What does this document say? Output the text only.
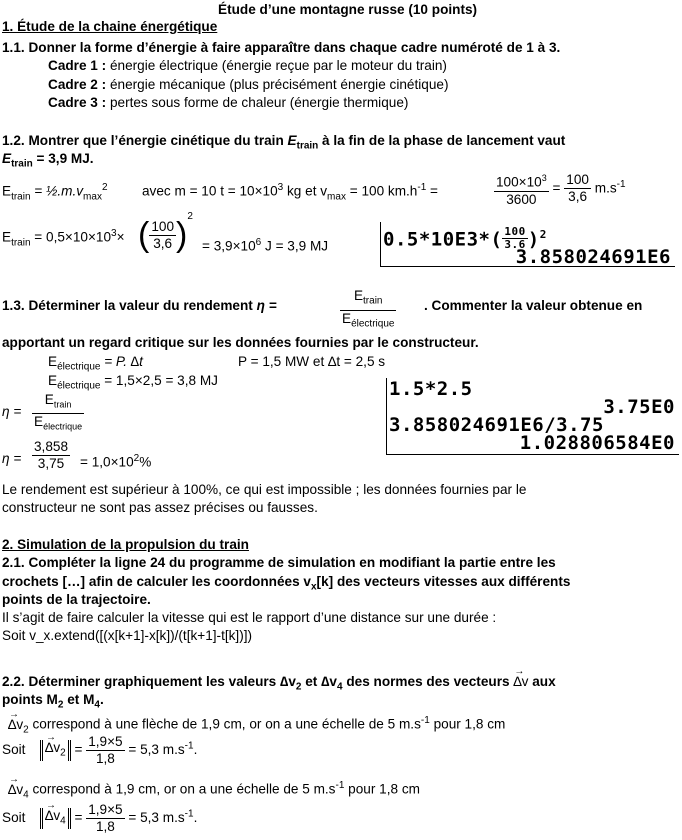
Étude d’une montagne russe (10 points)
1. Étude de la chaine énergétique
1.1. Donner la forme d’énergie à faire apparaître dans chaque cadre numéroté de 1 à 3.
Cadre 1 : énergie électrique (énergie reçue par le moteur du train)
Cadre 2 : énergie mécanique (plus précisément énergie cinétique)
Cadre 3 : pertes sous forme de chaleur (énergie thermique)
1.2. Montrer que l’énergie cinétique du train $E_{train}$ à la fin de la phase de lancement vaut
$E_{train} = 3,9$ MJ.
$E_{train}$ = $\frac{1}{2}.m.v_{max}^2$	avec m = 10 $t = 10\times 10^3$ kg et $v_{max} = 100$ $km.h^{-1}$ =	$\frac{100\times 10^3}{3600} = \frac{100}{3,6} m.s^{-1}$
$E_{train} = 0,5\times 10\times 10^3\times$ ( $\frac{100}{3,6} )^2$
= $3,9\times 10^6$ J = 3,9 MJ	$0.5*10E3*( \frac{100}{3.6} )^2$
3.858024691E6
1.3. Déterminer la valeur du rendement η =	$\frac{E_{train}}{E_{électrique}}$ . Commenter la valeur obtenue en
apportant un regard critique sur les données fournies par le constructeur.
$E_{électrique} = P$. ∆t	P = 1,5 MW et ∆t = 2,5 s
$E_{électrique} = 1,5\times 2,5 = 3,8$ MJ
$\eta = \frac{E_{train}}{E_{électrique}}$
$\eta = \frac{3,858}{3,75} = 1,0\times 10^2\%$
1.5*2.5
3.75E0
3.858024691E6/3.75
1.028806584E0
Le rendement est supérieur à 100%, ce qui est impossible ; les données fournies par le
constructeur ne sont pas assez précises ou fausses.
2. Simulation de la propulsion du train
2.1. Compléter la ligne 24 du programme de simulation en modifiant la partie entre les
crochets […] afin de calculer les coordonnées $v_x[k]$ des vecteurs vitesses aux différents
points de la trajectoire.
Il s’agit de faire calculer la vitesse qui est le rapport d’une distance sur une durée :
Soit v_x.extend([(x[k+1]-x[k])/(t[k+1]-t[k])])
2.2. Déterminer graphiquement les valeurs $\Delta v_2$ et $\Delta v_4$ des normes des vecteurs → ∆v aux
points $M_2$ et $M_4$.
→ $\Delta v_2$ correspond à une flèche de 1,9 cm, or on a une échelle de 5 $m.s^{-1}$ pour 1,8 cm
Soit	→ $\Delta v_2 = \frac{1,9\times 5}{1,8} = 5,3$ $m.s^{-1}$.
→ $\Delta v_4$ correspond à 1,9 cm, or on a une échelle de 5 $m.s^{-1}$ pour 1,8 cm
Soit	→ $\Delta v_4 = \frac{1,9\times 5}{1,8} = 5,3$ $m.s^{-1}$.
